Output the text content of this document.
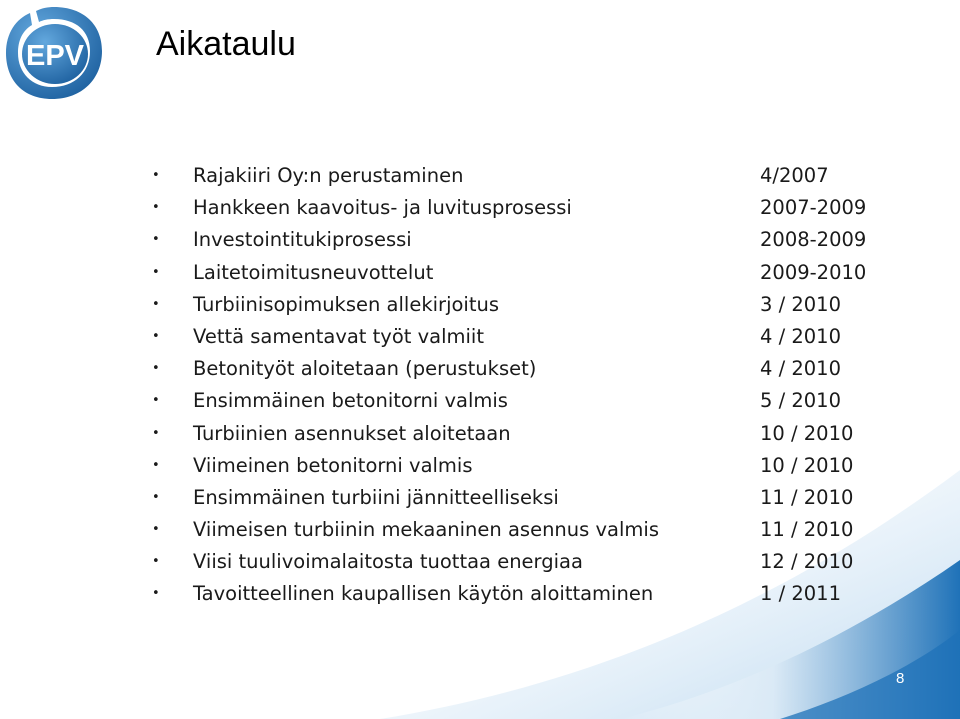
EPV Aikataulu
• Rajakiiri Oy:n perustaminen	4/2007
• Hankkeen kaavoitus- ja luvitusprosessi	2007-2009
• Investointitukiprosessi	2008-2009
• Laitetoimitusneuvottelut	2009-2010
• Turbiinisopimuksen allekirjoitus	3 / 2010
• Vettä samentavat työt valmiit	4 / 2010
• Betonityöt aloitetaan (perustukset)	4 / 2010
• Ensimmäinen betonitorni valmis	5 / 2010
• Turbiinien asennukset aloitetaan	10 / 2010
• Viimeinen betonitorni valmis	10 / 2010
• Ensimmäinen turbiini jännitteelliseksi	11 / 2010
• Viimeisen turbiinin mekaaninen asennus valmis	11 / 2010
• Viisi tuulivoimalaitosta tuottaa energiaa	12 / 2010
• Tavoitteellinen kaupallisen käytön aloittaminen	1 / 2011
8
